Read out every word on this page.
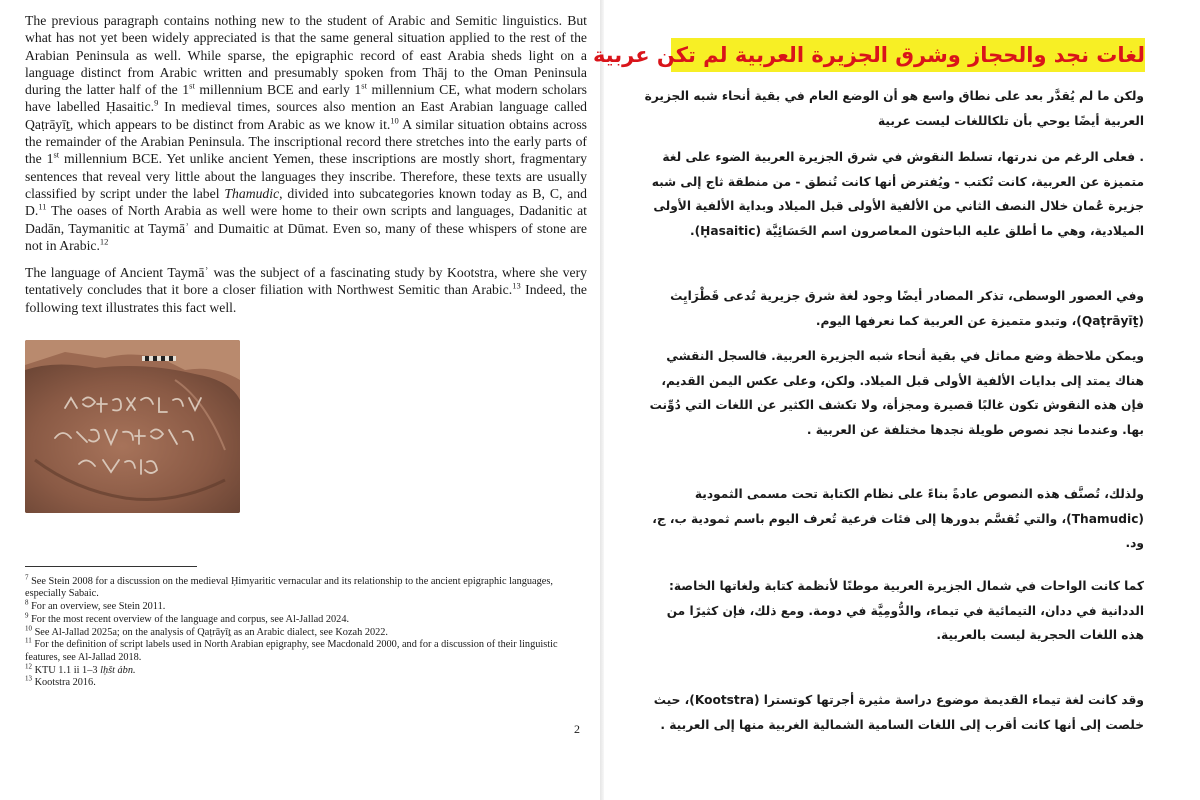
The previous paragraph contains nothing new to the student of Arabic and Semitic linguistics. But what has not yet been widely appreciated is that the same general situation applied to the rest of the Arabian Peninsula as well. While sparse, the epigraphic record of east Arabia sheds light on a language distinct from Arabic written and presumably spoken from Thāj to the Oman Peninsula during the latter half of the 1st millennium BCE and early 1st millennium CE, what modern scholars have labelled Ḥasaitic.$^9$ In medieval times, sources also mention an East Arabian language called Qaṭrāyīṯ, which appears to be distinct from Arabic as we know it.$^{10}$ A similar situation obtains across the remainder of the Arabian Peninsula. The inscriptional record there stretches into the early parts of the 1st millennium BCE. Yet unlike ancient Yemen, these inscriptions are mostly short, fragmentary sentences that reveal very little about the languages they inscribe. Therefore, these texts are usually classified by script under the label Thamudic, divided into subcategories known today as B, C, and D.$^{11}$ The oases of North Arabia as well were home to their own scripts and languages, Dadanitic at Dadān, Taymanitic at Taymāʾ and Dumaitic at Dūmat. Even so, many of these whispers of stone are not in Arabic.$^{12}$

The language of Ancient Taymāʾ was the subject of a fascinating study by Kootstra, where she very tentatively concludes that it bore a closer filiation with Northwest Semitic than Arabic.$^{13}$ Indeed, the following text illustrates this fact well.

$^7$ See Stein 2008 for a discussion on the medieval Ḥimyaritic vernacular and its relationship to the ancient epigraphic languages, especially Sabaic.

$^8$ For an overview, see Stein 2011.

$^9$ For the most recent overview of the language and corpus, see Al-Jallad 2024.

$^{10}$ See Al-Jallad 2025a; on the analysis of Qaṭrāyīṯ as an Arabic dialect, see Kozah 2022.

$^{11}$ For the definition of script labels used in North Arabian epigraphy, see Macdonald 2000, and for a discussion of their linguistic features, see Al-Jallad 2018.

$^{12}$ KTU 1.1 ii 1–3 lḥšt ảbn.

$^{13}$ Kootstra 2016.

2
لغات نجد والحجاز وشرق الجزيرة العربية لم تكن عربية
ولكن ما لم يُقدَّر بعد على نطاق واسع هو أن الوضع العام في بقية أنحاء شبه الجزيرة العربية أيضًا يوحي بأن تلكاللغات ليست عربية
. فعلى الرغم من ندرتها، تسلط النقوش في شرق الجزيرة العربية الضوء على لغة متميزة عن العربية، كانت تُكتب - ويُفترض أنها كانت تُنطق - من منطقة ثاج إلى شبه جزيرة عُمان خلال النصف الثاني من الألفية الأولى قبل الميلاد وبداية الألفية الأولى الميلادية، وهي ما أطلق عليه الباحثون المعاصرون اسم الحَسَائِيَّة (Ḥasaitic).
وفي العصور الوسطى، تذكر المصادر أيضًا وجود لغة شرق جزيرية تُدعى قَطْرَايِث (Qaṭrāyīṯ)، وتبدو متميزة عن العربية كما نعرفها اليوم.
ويمكن ملاحظة وضع مماثل في بقية أنحاء شبه الجزيرة العربية. فالسجل النقشي هناك يمتد إلى بدايات الألفية الأولى قبل الميلاد. ولكن، وعلى عكس اليمن القديم، فإن هذه النقوش تكون غالبًا قصيرة ومجزأة، ولا تكشف الكثير عن اللغات التي دُوِّنت بها. وعندما نجد نصوص طويلة نجدها مختلفة عن العربية .
ولذلك، تُصنَّف هذه النصوص عادةً بناءً على نظام الكتابة تحت مسمى الثمودية (Thamudic)، والتي تُقسَّم بدورها إلى فئات فرعية تُعرف اليوم باسم ثمودية ب، ج، ود.
كما كانت الواحات في شمال الجزيرة العربية موطنًا لأنظمة كتابة ولغاتها الخاصة: الددانية في ددان، التيمائية في تيماء، والدُّومِيَّة في دومة. ومع ذلك، فإن كثيرًا من هذه اللغات الحجرية ليست بالعربية.
وقد كانت لغة تيماء القديمة موضوع دراسة مثيرة أجرتها كوتسترا (Kootstra)، حيث خلصت إلى أنها كانت أقرب إلى اللغات السامية الشمالية الغربية منها إلى العربية .
